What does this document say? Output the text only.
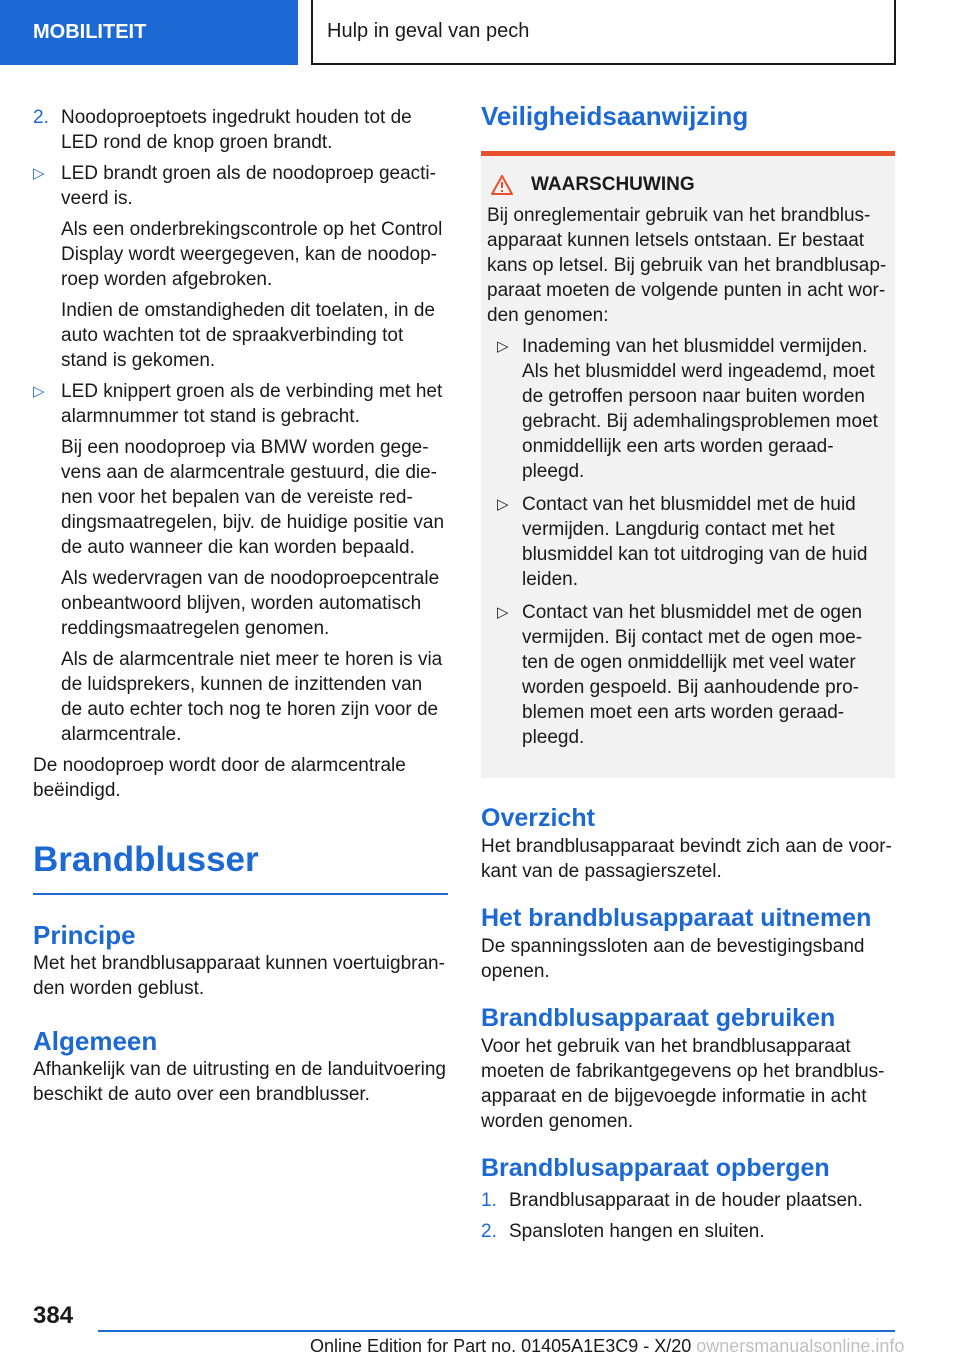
MOBILITEIT	Hulp in geval van pech
2. Noodoproeptoets ingedrukt houden tot de LED rond de knop groen brandt.

▷ LED brandt groen als de noodoproep geacti‐ veerd is.

Als een onderbrekingscontrole op het Control Display wordt weergegeven, kan de noodop‐ roep worden afgebroken.

Indien de omstandigheden dit toelaten, in de auto wachten tot de spraakverbinding tot stand is gekomen.

▷ LED knippert groen als de verbinding met het alarmnummer tot stand is gebracht.

Bij een noodoproep via BMW worden gege‐ vens aan de alarmcentrale gestuurd, die die‐ nen voor het bepalen van de vereiste red‐ dingsmaatregelen, bijv. de huidige positie van de auto wanneer die kan worden bepaald.

Als wedervragen van de noodoproepcentrale onbeantwoord blijven, worden automatisch reddingsmaatregelen genomen.

Als de alarmcentrale niet meer te horen is via de luidsprekers, kunnen de inzittenden van de auto echter toch nog te horen zijn voor de alarmcentrale.

De noodoproep wordt door de alarmcentrale beëindigd.

Brandblusser
Principe

Met het brandblusapparaat kunnen voertuigbran‐ den worden geblust.

Algemeen

Afhankelijk van de uitrusting en de landuitvoering beschikt de auto over een brandblusser.

Veiligheidsaanwijzing
WAARSCHUWING

Bij onreglementair gebruik van het brandblus‐ apparaat kunnen letsels ontstaan. Er bestaat kans op letsel. Bij gebruik van het brandblusap‐ paraat moeten de volgende punten in acht wor‐ den genomen:

▷ Inademing van het blusmiddel vermijden. Als het blusmiddel werd ingeademd, moet de getroffen persoon naar buiten worden gebracht. Bij ademhalingsproblemen moet onmiddellijk een arts worden geraad‐ pleegd.

▷ Contact van het blusmiddel met de huid vermijden. Langdurig contact met het blusmiddel kan tot uitdroging van de huid leiden.

▷ Contact van het blusmiddel met de ogen vermijden. Bij contact met de ogen moe‐ ten de ogen onmiddellijk met veel water worden gespoeld. Bij aanhoudende pro‐ blemen moet een arts worden geraad‐ pleegd.

Overzicht

Het brandblusapparaat bevindt zich aan de voor‐ kant van de passagierszetel.

Het brandblusapparaat uitnemen

De spanningssloten aan de bevestigingsband openen.

Brandblusapparaat gebruiken

Voor het gebruik van het brandblusapparaat moeten de fabrikantgegevens op het brandblus‐ apparaat en de bijgevoegde informatie in acht worden genomen.

Brandblusapparaat opbergen
1. Brandblusapparaat in de houder plaatsen.

2. Spansloten hangen en sluiten.

384
Online Edition for Part no. 01405A1E3C9 - X/20 ownersmanualsonline.info
